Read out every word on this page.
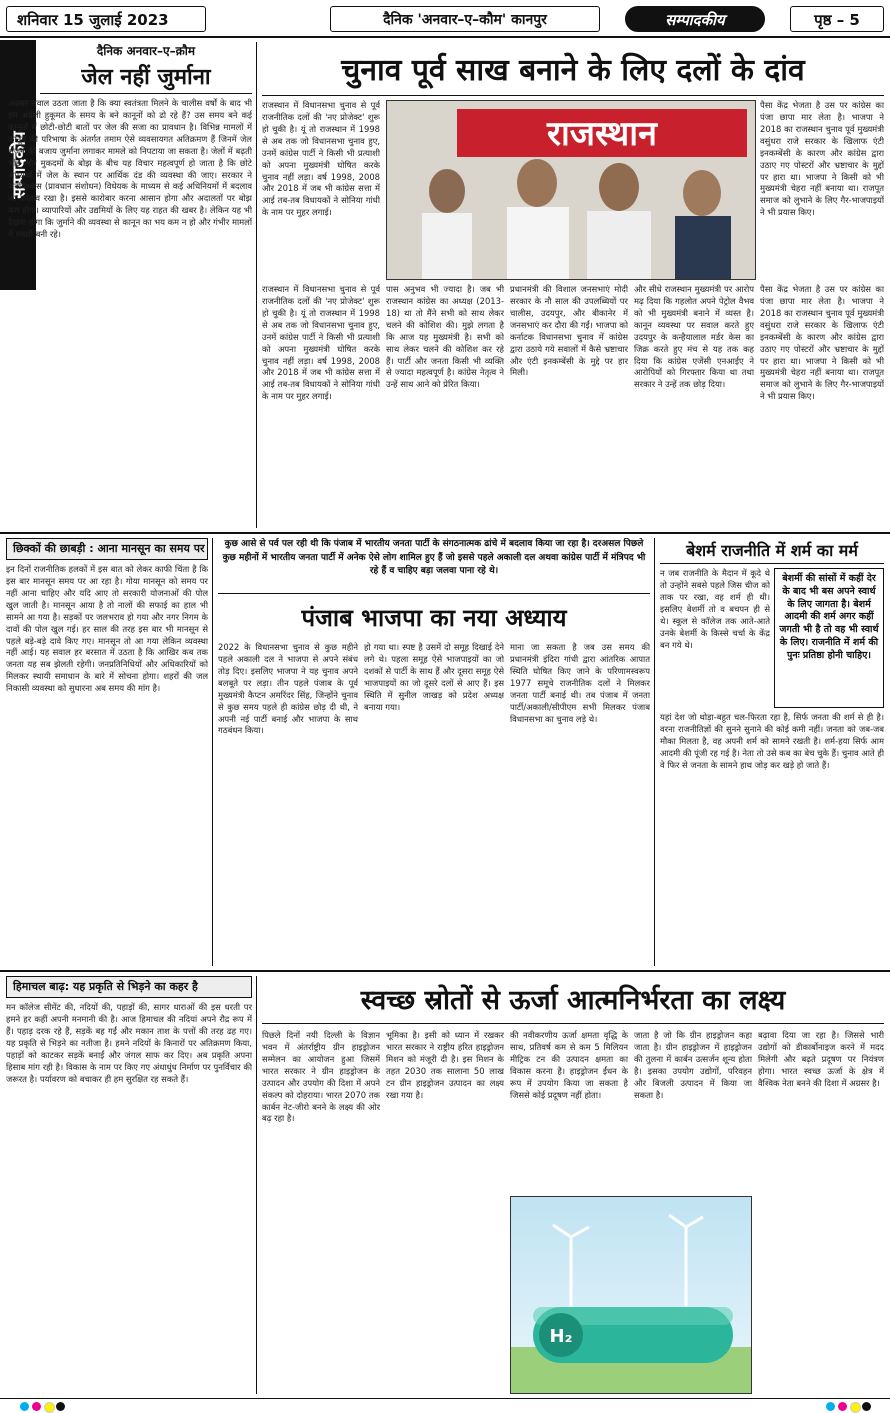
शनिवार 15 जुलाई 2023	दैनिक 'अनवार–ए–कौम' कानपुर	सम्पादकीय	पृष्ठ – 5
सम्पादकीय
दैनिक अनवार–ए–क़ौम
जेल नहीं जुर्माना

अक्सर सवाल उठता जाता है कि क्या स्वतंत्रता मिलने के चालीस वर्षों के बाद भी हम अंग्रेजी हुकूमत के समय के बने कानूनों को ढो रहे हैं? उस समय बने कई कानूनों में छोटी-छोटी बातों पर जेल की सजा का प्रावधान है। विभिन्न मामलों में कानून की परिभाषा के अंतर्गत तमाम ऐसे व्यवसायगत अतिक्रमण हैं जिनमें जेल भेजने की बजाय जुर्माना लगाकर मामले को निपटाया जा सकता है। जेलों में बढ़ती भीड़ और मुकदमों के बोझ के बीच यह विचार महत्वपूर्ण हो जाता है कि छोटे अपराधों में जेल के स्थान पर आर्थिक दंड की व्यवस्था की जाए। सरकार ने जनविश्वास (प्रावधान संशोधन) विधेयक के माध्यम से कई अधिनियमों में बदलाव का प्रस्ताव रखा है। इससे कारोबार करना आसान होगा और अदालतों पर बोझ कम होगा। व्यापारियों और उद्यमियों के लिए यह राहत की खबर है। लेकिन यह भी देखना होगा कि जुर्माने की व्यवस्था से कानून का भय कम न हो और गंभीर मामलों में सख्ती बनी रहे।

चुनाव पूर्व साख बनाने के लिए दलों के दांव

राजस्थान में विधानसभा चुनाव से पूर्व राजनीतिक दलों की 'नए प्रोजेक्ट' शुरू हो चुकी है। यूं तो राजस्थान में 1998 से अब तक जो विधानसभा चुनाव हुए, उनमें कांग्रेस पार्टी ने किसी भी प्रत्याशी को अपना मुख्यमंत्री घोषित करके चुनाव नहीं लड़ा। वर्ष 1998, 2008 और 2018 में जब भी कांग्रेस सत्ता में आई तब-तब विधायकों ने सोनिया गांधी के नाम पर मुहर लगाई।

राजस्थान

पैसा केंद्र भेजता है उस पर कांग्रेस का पंजा छापा मार लेता है। भाजपा ने 2018 का राजस्थान चुनाव पूर्व मुख्यमंत्री वसुंधरा राजे सरकार के खिलाफ एंटी इनकम्बेंसी के कारण और कांग्रेस द्वारा उठाए गए पोस्टरों और भ्रष्टाचार के मुद्दों पर हारा था। भाजपा ने किसी को भी मुख्यमंत्री चेहरा नहीं बनाया था। राजपूत समाज को लुभाने के लिए गैर-भाजपाइयों ने भी प्रयास किए।

राजस्थान में विधानसभा चुनाव से पूर्व राजनीतिक दलों की 'नए प्रोजेक्ट' शुरू हो चुकी है। यूं तो राजस्थान में 1998 से अब तक जो विधानसभा चुनाव हुए, उनमें कांग्रेस पार्टी ने किसी भी प्रत्याशी को अपना मुख्यमंत्री घोषित करके चुनाव नहीं लड़ा। वर्ष 1998, 2008 और 2018 में जब भी कांग्रेस सत्ता में आई तब-तब विधायकों ने सोनिया गांधी के नाम पर मुहर लगाई।

पास अनुभव भी ज्यादा है। जब भी राजस्थान कांग्रेस का अध्यक्ष (2013-18) था तो मैंने सभी को साथ लेकर चलने की कोशिश की। मुझे लगता है कि आज यह मुख्यमंत्री है। सभी को साथ लेकर चलने की कोशिश कर रहे हैं। पार्टी और जनता किसी भी व्यक्ति से ज्यादा महत्वपूर्ण है। कांग्रेस नेतृत्व ने उन्हें साथ आने को प्रेरित किया।

प्रधानमंत्री की विशाल जनसभाएं मोदी सरकार के नौ साल की उपलब्धियों पर चालीस, उदयपुर, और बीकानेर में जनसभाएं कर दौरा की गईं। भाजपा को कर्नाटक विधानसभा चुनाव में कांग्रेस द्वारा उठाये गये सवालों में कैसे भ्रष्टाचार और एंटी इनकम्बेंसी के मुद्दे पर हार मिली।

और सीधे राजस्थान मुख्यमंत्री पर आरोप मढ़ दिया कि गहलोत अपने पेट्रोल वैभव को भी मुख्यमंत्री बनाने में व्यस्त है। कानून व्यवस्था पर सवाल करते हुए उदयपुर के कन्हैयालाल मर्डर केस का जिक्र करते हुए मंच से यह तक कह दिया कि कांग्रेस एजेंसी एनआईए ने आरोपियों को गिरफ्तार किया था तथा सरकार ने उन्हें तक छोड़ दिया।

पैसा केंद्र भेजता है उस पर कांग्रेस का पंजा छापा मार लेता है। भाजपा ने 2018 का राजस्थान चुनाव पूर्व मुख्यमंत्री वसुंधरा राजे सरकार के खिलाफ एंटी इनकम्बेंसी के कारण और कांग्रेस द्वारा उठाए गए पोस्टरों और भ्रष्टाचार के मुद्दों पर हारा था। भाजपा ने किसी को भी मुख्यमंत्री चेहरा नहीं बनाया था। राजपूत समाज को लुभाने के लिए गैर-भाजपाइयों ने भी प्रयास किए।

छिक्कों की छाबड़ी : आना मानसून का समय पर

इन दिनों राजनीतिक हलकों में इस बात को लेकर काफी चिंता है कि इस बार मानसून समय पर आ रहा है। गोया मानसून को समय पर नहीं आना चाहिए और यदि आए तो सरकारी योजनाओं की पोल खुल जाती है। मानसून आया है तो नालों की सफाई का हाल भी सामने आ गया है। सड़कों पर जलभराव हो गया और नगर निगम के दावों की पोल खुल गई। हर साल की तरह इस बार भी मानसून से पहले बड़े-बड़े दावे किए गए। मानसून तो आ गया लेकिन व्यवस्था नहीं आई। यह सवाल हर बरसात में उठता है कि आखिर कब तक जनता यह सब झेलती रहेगी। जनप्रतिनिधियों और अधिकारियों को मिलकर स्थायी समाधान के बारे में सोचना होगा। शहरों की जल निकासी व्यवस्था को सुधारना अब समय की मांग है।

कुछ आसे से पर्व पल रही थी कि पंजाब में भारतीय जनता पार्टी के संगठनात्मक ढांचे में बदलाव किया जा रहा है। दरअसल पिछले कुछ महीनों में भारतीय जनता पार्टी में अनेक ऐसे लोग शामिल हुए हैं जो इससे पहले अकाली दल अथवा कांग्रेस पार्टी में मंत्रिपद भी रहे हैं व चाहिए बड़ा जलवा पाना रहे थे।
पंजाब भाजपा का नया अध्याय

2022 के विधानसभा चुनाव से कुछ महीने पहले अकाली दल ने भाजपा से अपने संबंध तोड़ दिए। इसलिए भाजपा ने यह चुनाव अपने बलबूते पर लड़ा। तीन पहले पंजाब के पूर्व मुख्यमंत्री कैप्टन अमरिंदर सिंह, जिन्होंने चुनाव से कुछ समय पहले ही कांग्रेस छोड़ दी थी, ने अपनी नई पार्टी बनाई और भाजपा के साथ गठबंधन किया।

हो गया था। स्पष्ट है उसमें दो समूह दिखाई देने लगे थे। पहला समूह ऐसे भाजपाइयों का जो दशकों से पार्टी के साथ हैं और दूसरा समूह ऐसे भाजपाइयों का जो दूसरे दलों से आए हैं। इस स्थिति में सुनील जाखड़ को प्रदेश अध्यक्ष बनाया गया।

माना जा सकता है जब उस समय की प्रधानमंत्री इंदिरा गांधी द्वारा आंतरिक आपात स्थिति घोषित किए जाने के परिणामस्वरूप 1977 समूचे राजनीतिक दलों ने मिलकर जनता पार्टी बनाई थी। तब पंजाब में जनता पार्टी/अकाली/सीपीएम सभी मिलकर पंजाब विधानसभा का चुनाव लड़े थे।

बेशर्म राजनीति में शर्म का मर्म

न जब राजनीति के मैदान में कूदे थे तो उन्होंने सबसे पहले जिस चीज को ताक पर रखा, वह शर्म ही थी। इसलिए बेशर्मी तो व बचपन ही से थे। स्कूल से कॉलेज तक आते-आते उनके बेशर्मी के किस्से चर्चा के केंद्र बन गये थे।

बेशर्मी की सांसों में कहीं देर के बाद भी बस अपने स्वार्थ के लिए जागता है। बेशर्म आदमी की शर्म अगर कहीं जगती भी है तो वह भी स्वार्थ के लिए। राजनीति में शर्म की पुनः प्रतिष्ठा होनी चाहिए।

यहां देश जो थोड़ा-बहुत चल-फिरता रहा है, सिर्फ जनता की शर्म से ही है। वरना राजनीतिज्ञों की सुनने सुनाने की कोई कमी नहीं। जनता को जब-जब मौका मिलता है, वह अपनी शर्म को सामने रखती है। शर्म-हया सिर्फ आम आदमी की पूंजी रह गई है। नेता तो उसे कब का बेच चुके हैं। चुनाव आते ही वे फिर से जनता के सामने हाथ जोड़ कर खड़े हो जाते हैं।

हिमाचल बाढ़: यह प्रकृति से भिड़ने का कहर है

मन कॉलेज सीमेंट की, नदियों की, पहाड़ों की, सागर धाराओं की इस धरती पर हमने हर कहीं अपनी मनमानी की है। आज हिमाचल की नदियां अपने रौद्र रूप में हैं। पहाड़ दरक रहे हैं, सड़कें बह गईं और मकान ताश के पत्तों की तरह ढह गए। यह प्रकृति से भिड़ने का नतीजा है। हमने नदियों के किनारों पर अतिक्रमण किया, पहाड़ों को काटकर सड़कें बनाईं और जंगल साफ कर दिए। अब प्रकृति अपना हिसाब मांग रही है। विकास के नाम पर किए गए अंधाधुंध निर्माण पर पुनर्विचार की जरूरत है। पर्यावरण को बचाकर ही हम सुरक्षित रह सकते हैं।

स्वच्छ स्रोतों से ऊर्जा आत्मनिर्भरता का लक्ष्य

पिछले दिनों नयी दिल्ली के विज्ञान भवन में अंतर्राष्ट्रीय ग्रीन हाइड्रोजन सम्मेलन का आयोजन हुआ जिसमें भारत सरकार ने ग्रीन हाइड्रोजन के उत्पादन और उपयोग की दिशा में अपने संकल्प को दोहराया। भारत 2070 तक कार्बन नेट-जीरो बनने के लक्ष्य की ओर बढ़ रहा है।

भूमिका है। इसी को ध्यान में रखकर भारत सरकार ने राष्ट्रीय हरित हाइड्रोजन मिशन को मंजूरी दी है। इस मिशन के तहत 2030 तक सालाना 50 लाख टन ग्रीन हाइड्रोजन उत्पादन का लक्ष्य रखा गया है।

की नवीकरणीय ऊर्जा क्षमता वृद्धि के साथ, प्रतिवर्ष कम से कम 5 मिलियन मीट्रिक टन की उत्पादन क्षमता का विकास करना है। हाइड्रोजन ईंधन के रूप में उपयोग किया जा सकता है जिससे कोई प्रदूषण नहीं होता।

जाता है जो कि ग्रीन हाइड्रोजन कहा जाता है। ग्रीन हाइड्रोजन में हाइड्रोजन की तुलना में कार्बन उत्सर्जन शून्य होता है। इसका उपयोग उद्योगों, परिवहन और बिजली उत्पादन में किया जा सकता है।

बढ़ावा दिया जा रहा है। जिससे भारी उद्योगों को डीकार्बोनाइज करने में मदद मिलेगी और बढ़ते प्रदूषण पर नियंत्रण होगा। भारत स्वच्छ ऊर्जा के क्षेत्र में वैश्विक नेता बनने की दिशा में अग्रसर है।

H₂
